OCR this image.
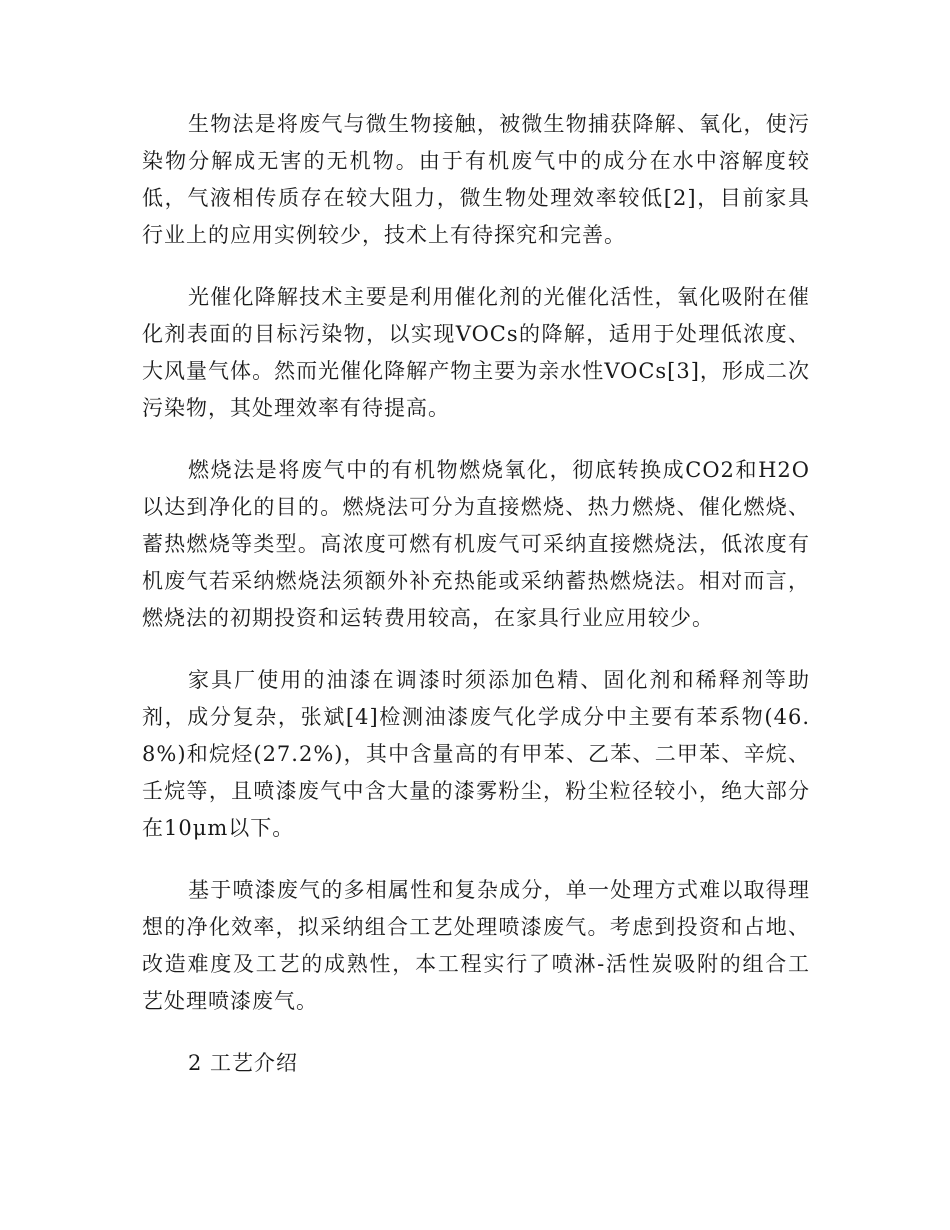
生物法是将废气与微生物接触，被微生物捕获降解、氧化，使污染物分解成无害的无机物。由于有机废气中的成分在水中溶解度较低，气液相传质存在较大阻力，微生物处理效率较低[2]，目前家具行业上的应用实例较少，技术上有待探究和完善。

光催化降解技术主要是利用催化剂的光催化活性，氧化吸附在催化剂表面的目标污染物，以实现VOCs的降解，适用于处理低浓度、大风量气体。然而光催化降解产物主要为亲水性VOCs[3]，形成二次污染物，其处理效率有待提高。

燃烧法是将废气中的有机物燃烧氧化，彻底转换成CO2和H2O以达到净化的目的。燃烧法可分为直接燃烧、热力燃烧、催化燃烧、蓄热燃烧等类型。高浓度可燃有机废气可采纳直接燃烧法，低浓度有机废气若采纳燃烧法须额外补充热能或采纳蓄热燃烧法。相对而言，燃烧法的初期投资和运转费用较高，在家具行业应用较少。

家具厂使用的油漆在调漆时须添加色精、固化剂和稀释剂等助剂，成分复杂，张斌[4]检测油漆废气化学成分中主要有苯系物(46.8%)和烷烃(27.2%)，其中含量高的有甲苯、乙苯、二甲苯、辛烷、壬烷等，且喷漆废气中含大量的漆雾粉尘，粉尘粒径较小，绝大部分在10μm以下。

基于喷漆废气的多相属性和复杂成分，单一处理方式难以取得理想的净化效率，拟采纳组合工艺处理喷漆废气。考虑到投资和占地、改造难度及工艺的成熟性，本工程实行了喷淋-活性炭吸附的组合工艺处理喷漆废气。

2 工艺介绍
